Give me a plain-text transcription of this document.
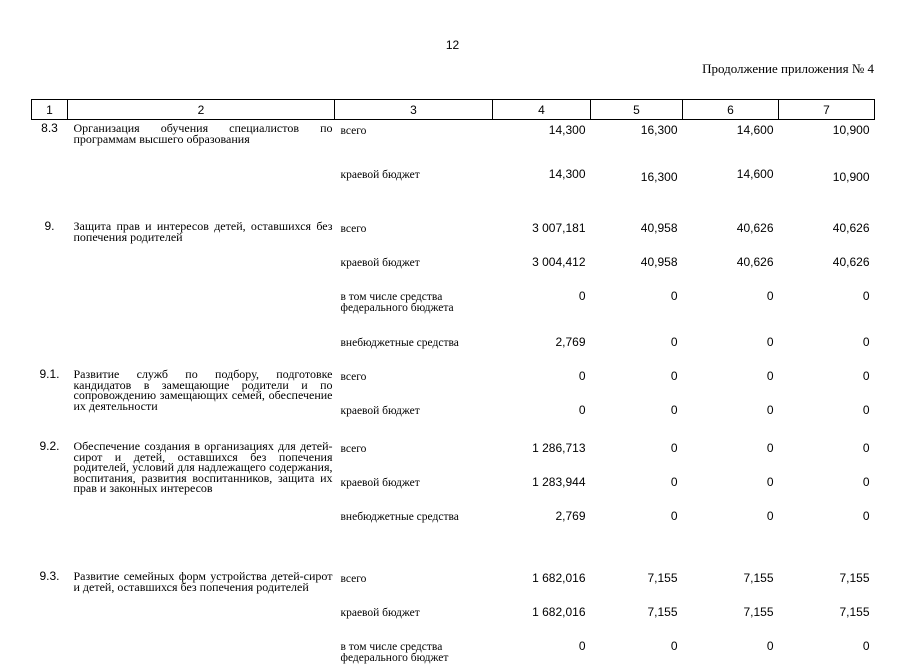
12
Продолжение приложения № 4
1	2	3	4	5	6	7
8.3	Организация обучения специалистов по программам высшего образования	всего	14,300	16,300	14,600	10,900
		краевой бюджет	14,300	16,300	14,600	10,900
9.	Защита прав и интересов детей, оставшихся без попечения родителей	всего	3 007,181	40,958	40,626	40,626
		краевой бюджет	3 004,412	40,958	40,626	40,626
		в том числе средства федерального бюджета	0	0	0	0
		внебюджетные средства	2,769	0	0	0
9.1.	Развитие служб по подбору, подготовке кандидатов в замещающие родители и по сопровождению замещающих семей, обеспечение их деятельности	всего	0	0	0	0
		краевой бюджет	0	0	0	0
9.2.	Обеспечение создания в организациях для детей-сирот и детей, оставшихся без попечения родителей, условий для надлежащего содержания, воспитания, развития воспитанников, защита их прав и законных интересов	всего	1 286,713	0	0	0
		краевой бюджет	1 283,944	0	0	0
		внебюджетные средства	2,769	0	0	0
9.3.	Развитие семейных форм устройства детей-сирот и детей, оставшихся без попечения родителей	всего	1 682,016	7,155	7,155	7,155
		краевой бюджет	1 682,016	7,155	7,155	7,155
		в том числе средства федерального бюджет	0	0	0	0
